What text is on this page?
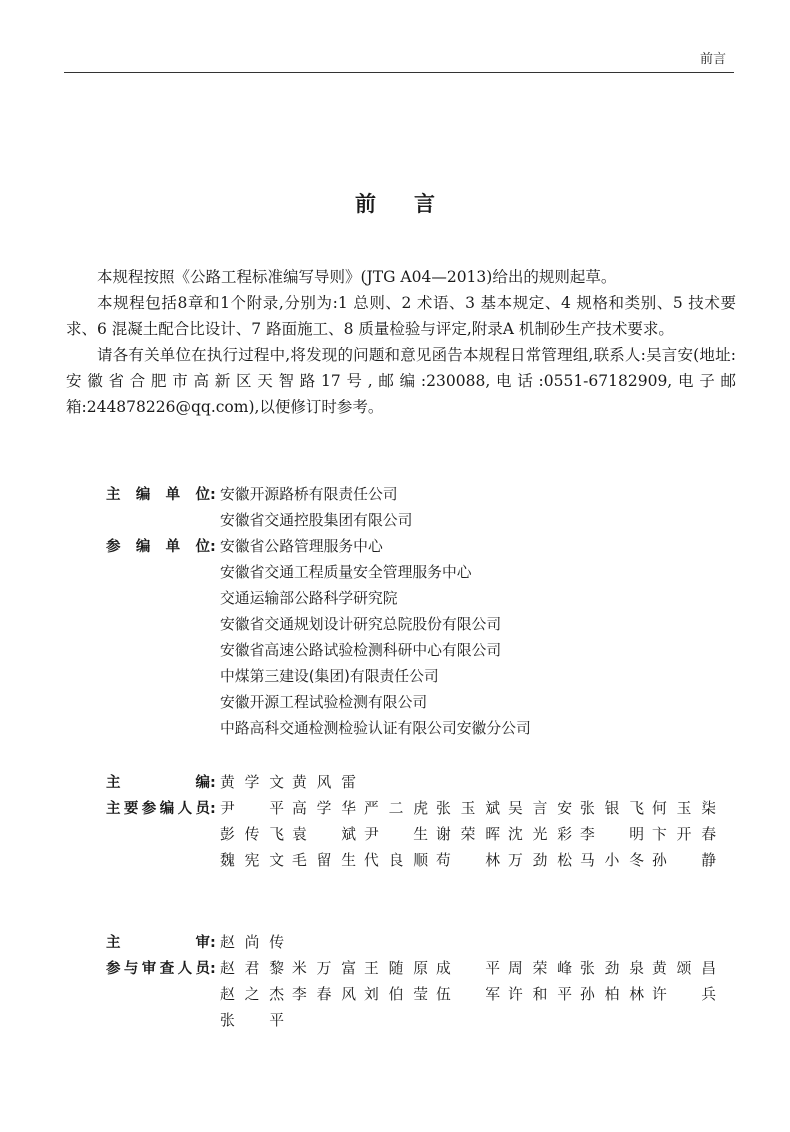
前言
前言

本规程按照《公路工程标准编写导则》(JTG A04—2013)给出的规则起草。

本规程包括8章和1个附录,分别为:1 总则、2 术语、3 基本规定、4 规格和类别、5 技术要求、6 混凝土配合比设计、7 路面施工、8 质量检验与评定,附录A 机制砂生产技术要求。

请各有关单位在执行过程中,将发现的问题和意见函告本规程日常管理组,联系人:吴言安(地址:安徽省合肥市高新区天智路17号,邮编:230088,电话:0551-67182909,电子邮箱:244878226@qq.com),以便修订时参考。

主编单位 : 安徽开源路桥有限责任公司
安徽省交通控股集团有限公司
参编单位 : 安徽省公路管理服务中心
安徽省交通工程质量安全管理服务中心
交通运输部公路科学研究院
安徽省交通规划设计研究总院股份有限公司
安徽省高速公路试验检测科研中心有限公司
中煤第三建设(集团)有限责任公司
安徽开源工程试验检测有限公司
中路高科交通检测检验认证有限公司安徽分公司
主编 : 黄学文 黄风雷
主要参编人员 : 尹平 高学华 严二虎 张玉斌 吴言安 张银飞 何玉柒
彭传飞 袁斌 尹生 谢荣晖 沈光彩 李明 卞开春
魏宪文 毛留生 代良顺 苟林 万劲松 马小冬 孙静
主审 : 赵尚传
参与审查人员 : 赵君黎 米万富 王随原 成平 周荣峰 张劲泉 黄颂昌
赵之杰 李春风 刘伯莹 伍军 许和平 孙柏林 许兵
张平
